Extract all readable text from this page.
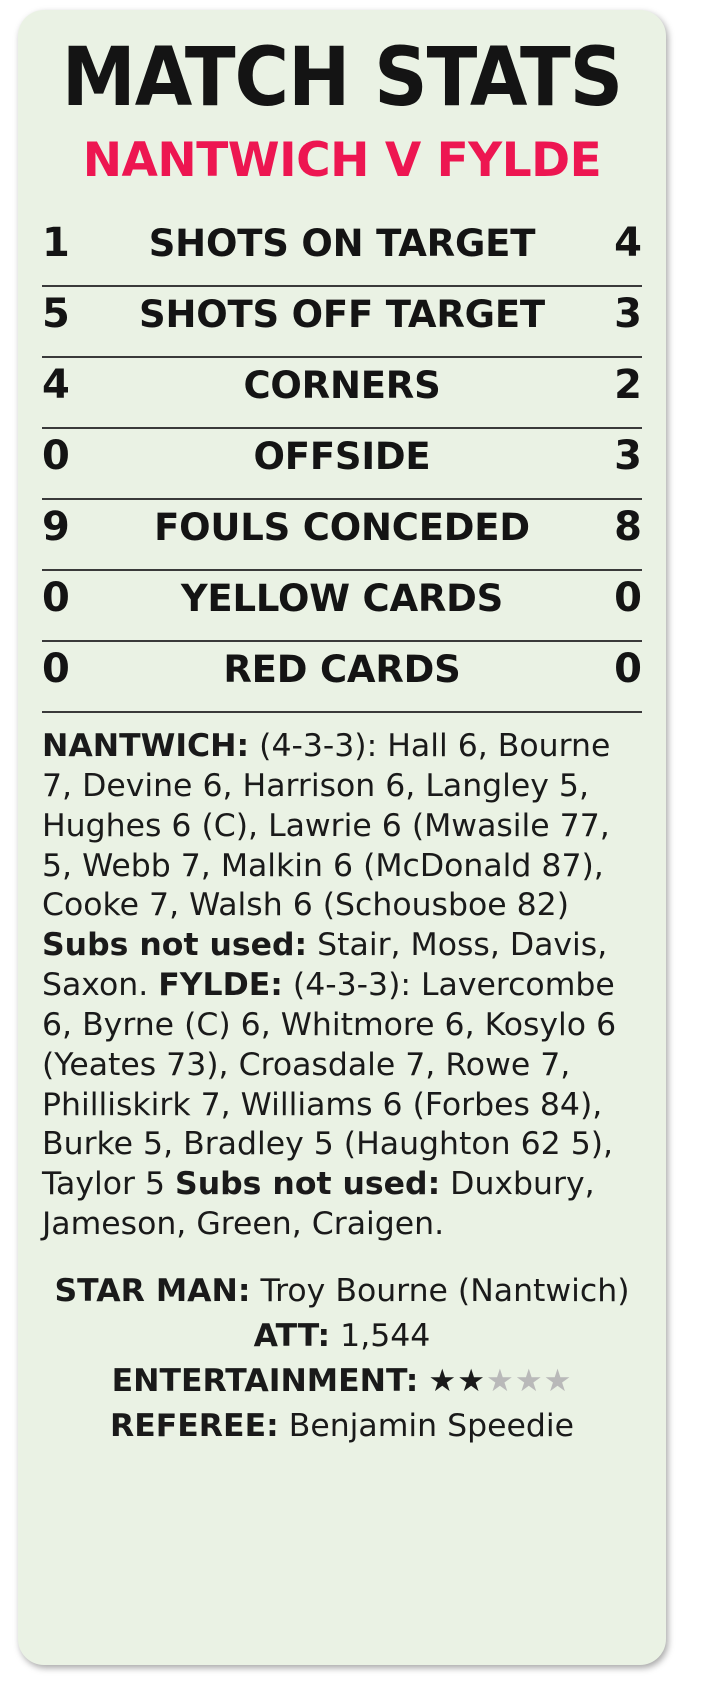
MATCH STATS
NANTWICH V FYLDE
1	SHOTS ON TARGET	4
5	SHOTS OFF TARGET	3
4	CORNERS	2
0	OFFSIDE	3
9	FOULS CONCEDED	8
0	YELLOW CARDS	0
0	RED CARDS	0
NANTWICH: (4-3-3): Hall 6, Bourne 7, Devine 6, Harrison 6, Langley 5, Hughes 6 (C), Lawrie 6 (Mwasile 77, 5, Webb 7, Malkin 6 (McDonald 87), Cooke 7, Walsh 6 (Schousboe 82) Subs not used: Stair, Moss, Davis, Saxon. FYLDE: (4-3-3): Lavercombe 6, Byrne (C) 6, Whitmore 6, Kosylo 6 (Yeates 73), Croasdale 7, Rowe 7, Philliskirk 7, Williams 6 (Forbes 84), Burke 5, Bradley 5 (Haughton 62 5), Taylor 5 Subs not used: Duxbury, Jameson, Green, Craigen.
STAR MAN: Troy Bourne (Nantwich)
ATT: 1,544
ENTERTAINMENT: ★★★★★
REFEREE: Benjamin Speedie
